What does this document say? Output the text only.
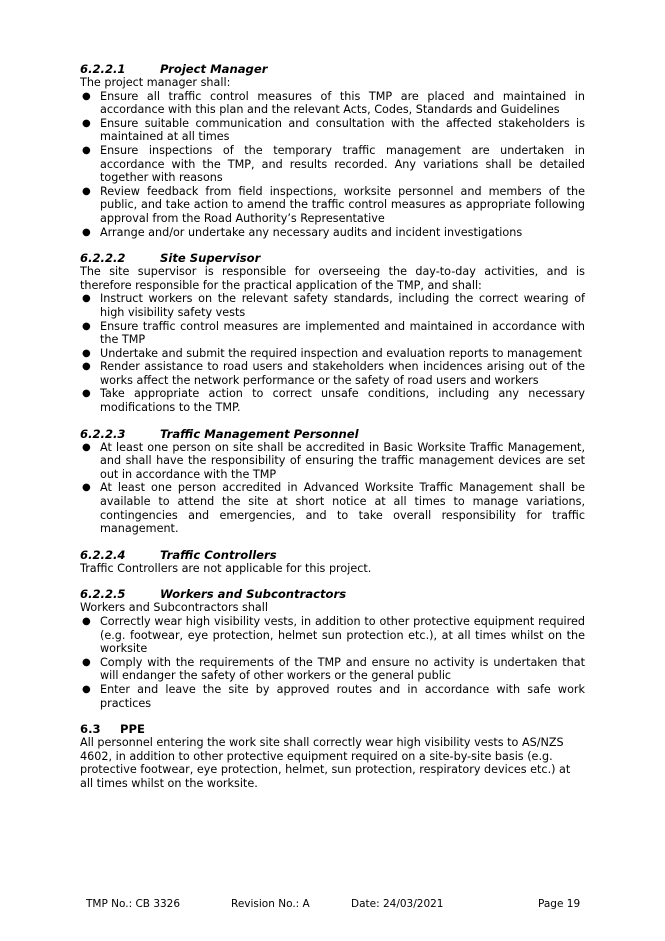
6.2.2.1	Project Manager

The project manager shall:

● Ensure all traffic control measures of this TMP are placed and maintained in accordance with this plan and the relevant Acts, Codes, Standards and Guidelines
● Ensure suitable communication and consultation with the affected stakeholders is maintained at all times
● Ensure inspections of the temporary traffic management are undertaken in accordance with the TMP, and results recorded. Any variations shall be detailed together with reasons
● Review feedback from field inspections, worksite personnel and members of the public, and take action to amend the traffic control measures as appropriate following approval from the Road Authority’s Representative
● Arrange and/or undertake any necessary audits and incident investigations
6.2.2.2	Site Supervisor

The site supervisor is responsible for overseeing the day-to-day activities, and is therefore responsible for the practical application of the TMP, and shall:

● Instruct workers on the relevant safety standards, including the correct wearing of high visibility safety vests
● Ensure traffic control measures are implemented and maintained in accordance with the TMP
● Undertake and submit the required inspection and evaluation reports to management
● Render assistance to road users and stakeholders when incidences arising out of the works affect the network performance or the safety of road users and workers
● Take appropriate action to correct unsafe conditions, including any necessary modifications to the TMP.
6.2.2.3	Traffic Management Personnel
● At least one person on site shall be accredited in Basic Worksite Traffic Management, and shall have the responsibility of ensuring the traffic management devices are set out in accordance with the TMP
● At least one person accredited in Advanced Worksite Traffic Management shall be available to attend the site at short notice at all times to manage variations, contingencies and emergencies, and to take overall responsibility for traffic management.
6.2.2.4	Traffic Controllers

Traffic Controllers are not applicable for this project.

6.2.2.5	Workers and Subcontractors

Workers and Subcontractors shall

● Correctly wear high visibility vests, in addition to other protective equipment required (e.g. footwear, eye protection, helmet sun protection etc.), at all times whilst on the worksite
● Comply with the requirements of the TMP and ensure no activity is undertaken that will endanger the safety of other workers or the general public
● Enter and leave the site by approved routes and in accordance with safe work practices
6.3	PPE

All personnel entering the work site shall correctly wear high visibility vests to AS/NZS 4602, in addition to other protective equipment required on a site-by-site basis (e.g. protective footwear, eye protection, helmet, sun protection, respiratory devices etc.) at all times whilst on the worksite.

TMP No.: CB 3326	Revision No.: A	Date: 24/03/2021	Page 19
